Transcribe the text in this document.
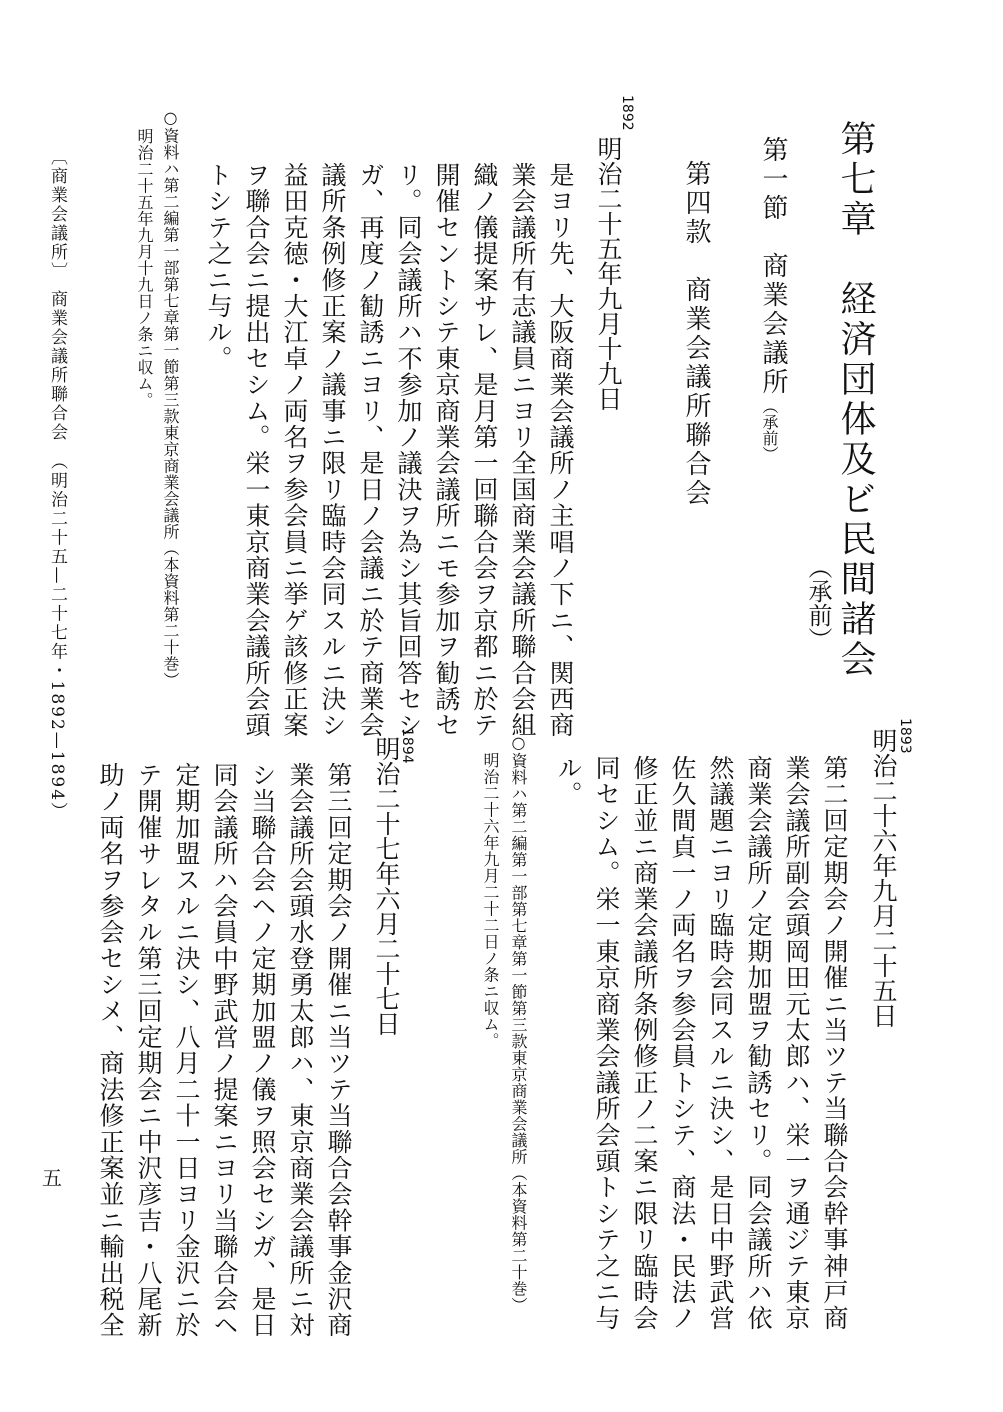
第七章　経済団体及ビ民間諸会
（承前）
第一節　商業会議所
（承前）
第四款　商業会議所聯合会
1892
明治二十五年九月十九日
是ヨリ先、大阪商業会議所ノ主唱ノ下ニ、関西商
業会議所有志議員ニヨリ全国商業会議所聯合会組
織ノ儀提案サレ、是月第一回聯合会ヲ京都ニ於テ
開催セントシテ東京商業会議所ニモ参加ヲ勧誘セ
リ。同会議所ハ不参加ノ議決ヲ為シ其旨回答セシ
ガ、再度ノ勧誘ニヨリ、是日ノ会議ニ於テ商業会
議所条例修正案ノ議事ニ限リ臨時会同スルニ決シ
益田克徳・大江卓ノ両名ヲ参会員ニ挙ゲ該修正案
ヲ聯合会ニ提出セシム。栄一東京商業会議所会頭
トシテ之ニ与ル。
○資料ハ第二編第一部第七章第一節第三款東京商業会議所（本資料第二十巻）
明治二十五年九月十九日ノ条ニ収ム。
〔商業会議所〕
商業会議所聯合会　（明治二十五—二十七年・1892—1894）	1893
明治二十六年九月二十五日
第二回定期会ノ開催ニ当ツテ当聯合会幹事神戸商
業会議所副会頭岡田元太郎ハ、栄一ヲ通ジテ東京
商業会議所ノ定期加盟ヲ勧誘セリ。同会議所ハ依
然議題ニヨリ臨時会同スルニ決シ、是日中野武営
佐久間貞一ノ両名ヲ参会員トシテ、商法・民法ノ
修正並ニ商業会議所条例修正ノ二案ニ限リ臨時会
同セシム。栄一東京商業会議所会頭トシテ之ニ与
ル。
○資料ハ第二編第一部第七章第一節第三款東京商業会議所（本資料第二十巻）
明治二十六年九月二十二日ノ条ニ収ム。
1894
明治二十七年六月二十七日
第三回定期会ノ開催ニ当ツテ当聯合会幹事金沢商
業会議所会頭水登勇太郎ハ、東京商業会議所ニ対
シ当聯合会ヘノ定期加盟ノ儀ヲ照会セシガ、是日
同会議所ハ会員中野武営ノ提案ニヨリ当聯合会ヘ
定期加盟スルニ決シ、八月二十一日ヨリ金沢ニ於
テ開催サレタル第三回定期会ニ中沢彦吉・八尾新
助ノ両名ヲ参会セシメ、商法修正案並ニ輸出税全
五
